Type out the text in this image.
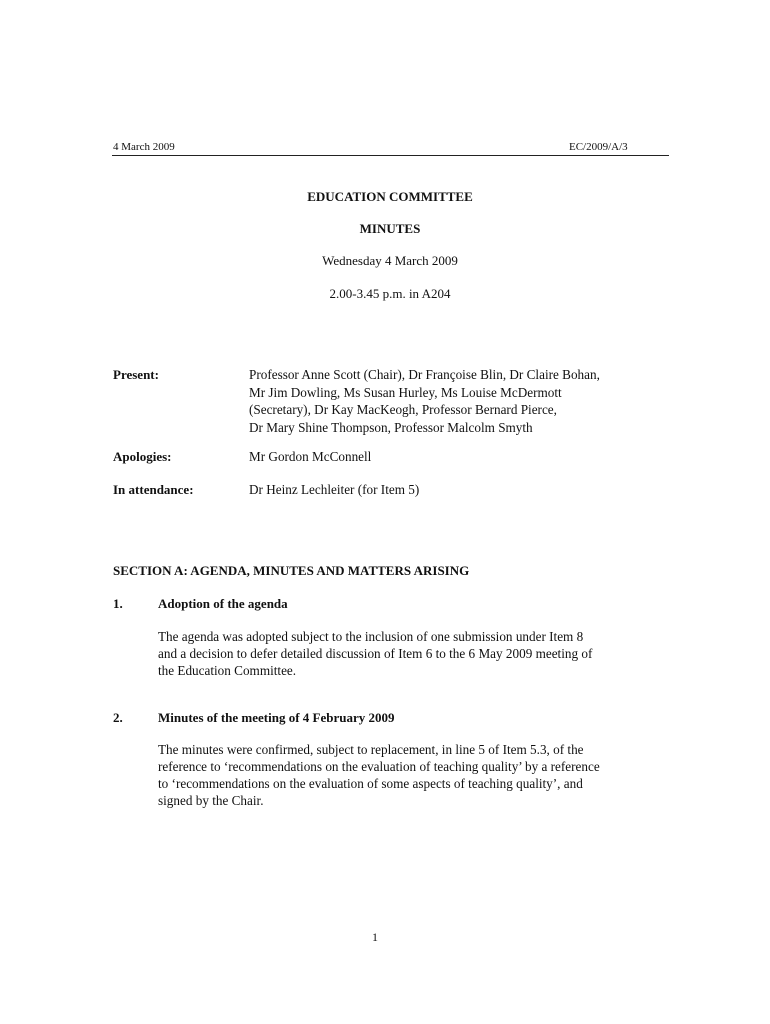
4 March 2009	EC/2009/A/3
EDUCATION COMMITTEE
MINUTES
Wednesday 4 March 2009
2.00-3.45 p.m. in A204
Present:	Professor Anne Scott (Chair), Dr Françoise Blin, Dr Claire Bohan,
Mr Jim Dowling, Ms Susan Hurley, Ms Louise McDermott
(Secretary), Dr Kay MacKeogh, Professor Bernard Pierce,
Dr Mary Shine Thompson, Professor Malcolm Smyth
Apologies:	Mr Gordon McConnell
In attendance:	Dr Heinz Lechleiter (for Item 5)
SECTION A: AGENDA, MINUTES AND MATTERS ARISING
1.	Adoption of the agenda
The agenda was adopted subject to the inclusion of one submission under Item 8
and a decision to defer detailed discussion of Item 6 to the 6 May 2009 meeting of
the Education Committee.
2.	Minutes of the meeting of 4 February 2009
The minutes were confirmed, subject to replacement, in line 5 of Item 5.3, of the
reference to ‘recommendations on the evaluation of teaching quality’ by a reference
to ‘recommendations on the evaluation of some aspects of teaching quality’, and
signed by the Chair.
1
